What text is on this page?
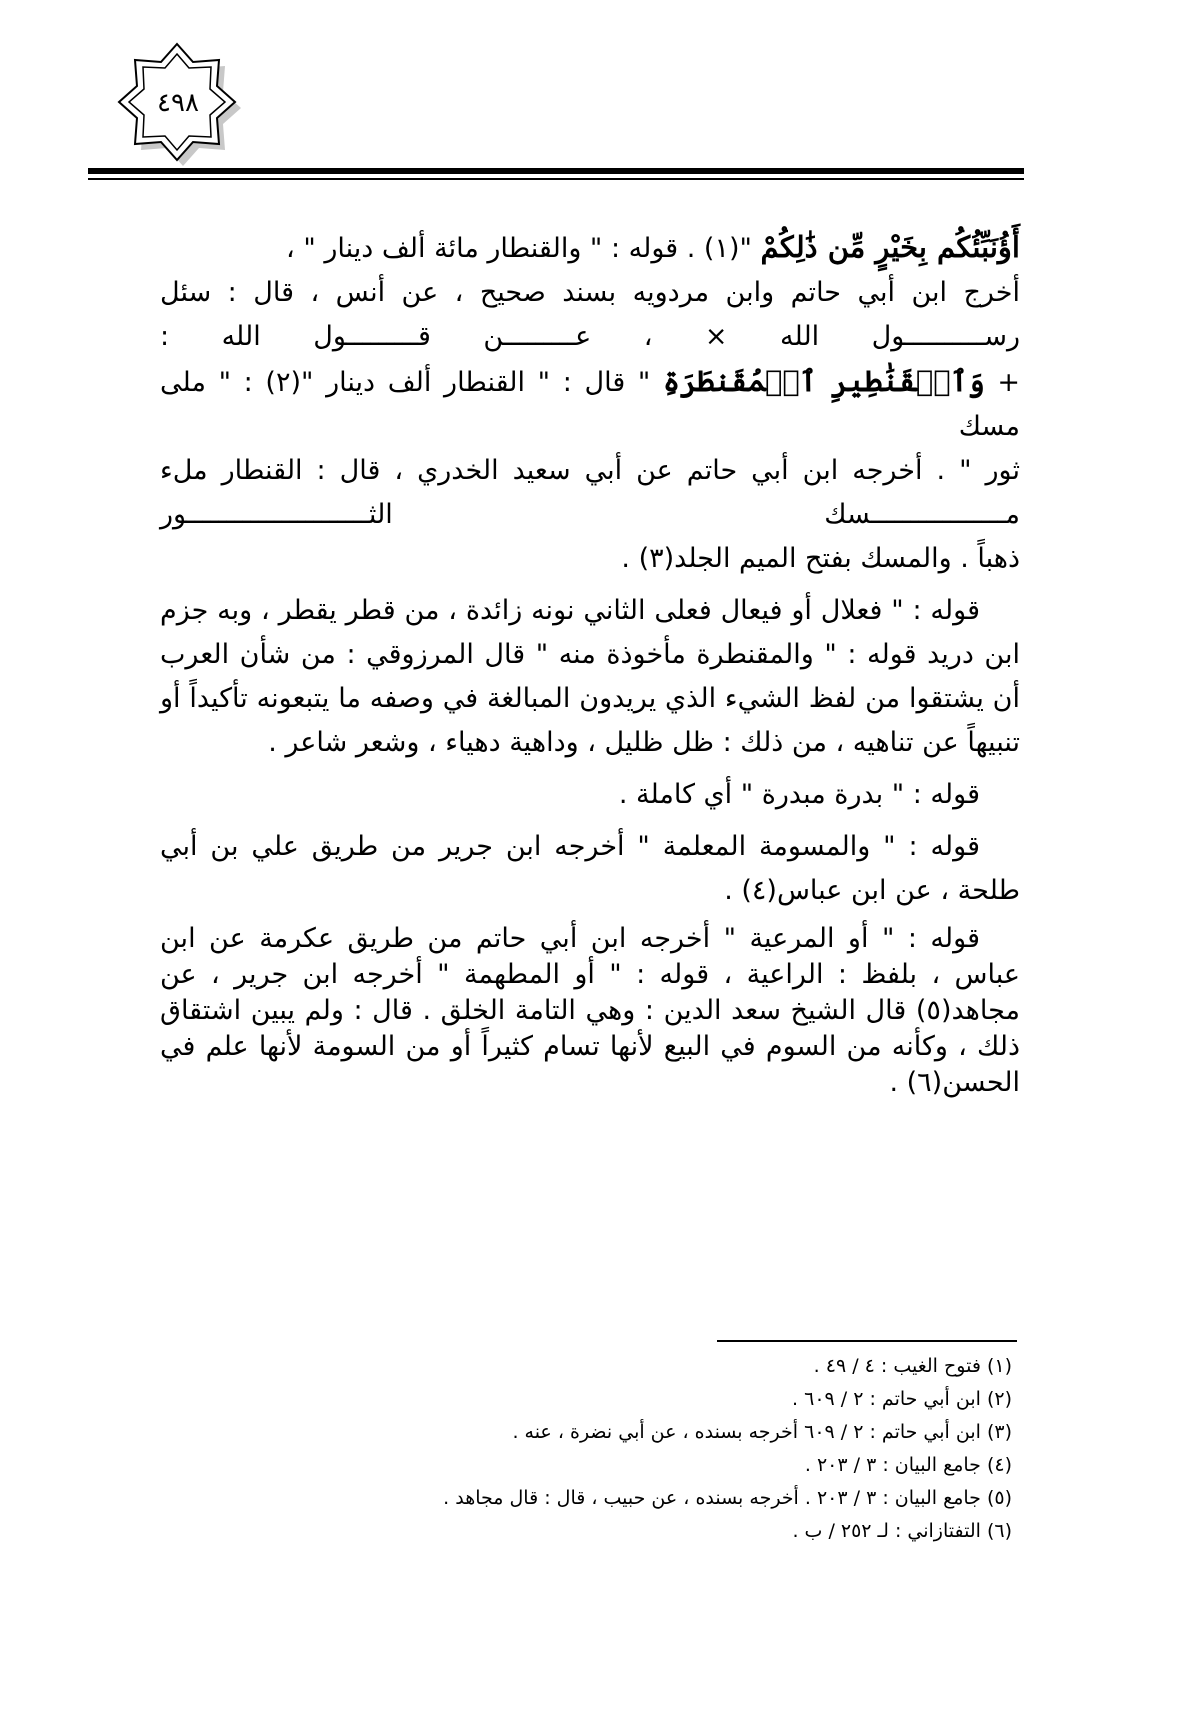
٤٩٨

أَؤُنَبِّئُكُم بِخَيْرٍ مِّن ذَٰلِكُمْ "(١) . قوله : " والقنطار مائة ألف دينار " ،
أخرج ابن أبي حاتم وابن مردويه بسند صحيح ، عن أنس ، قال : سئل
رســــــــــول الله × ، عـــــــــن قـــــــــول الله :
+ وَٱلۡقَنَٰطِيرِ ٱلۡمُقَنطَرَةِ " قال : " القنطار ألف دينار "(٢) : " ملى مسك
ثور " . أخرجه ابن أبي حاتم عن أبي سعيد الخدري ، قال : القنطار ملء
مـــــــــــــــــسك الثـــــــــــــــــــــــور
ذهباً . والمسك بفتح الميم الجلد(٣) .

قوله : " فعلال أو فيعال فعلى الثاني نونه زائدة ، من قطر يقطر ، وبه جزم ابن دريد قوله : " والمقنطرة مأخوذة منه " قال المرزوقي : من شأن العرب أن يشتقوا من لفظ الشيء الذي يريدون المبالغة في وصفه ما يتبعونه تأكيداً أو تنبيهاً عن تناهيه ، من ذلك : ظل ظليل ، وداهية دهياء ، وشعر شاعر .

قوله : " بدرة مبدرة " أي كاملة .

قوله : " والمسومة المعلمة " أخرجه ابن جرير من طريق علي بن أبي طلحة ، عن ابن عباس(٤) .

قوله : " أو المرعية " أخرجه ابن أبي حاتم من طريق عكرمة عن ابن عباس ، بلفظ : الراعية ، قوله : " أو المطهمة " أخرجه ابن جرير ، عن مجاهد(٥) قال الشيخ سعد الدين : وهي التامة الخلق . قال : ولم يبين اشتقاق ذلك ، وكأنه من السوم في البيع لأنها تسام كثيراً أو من السومة لأنها علم في الحسن(٦) .

(١) فتوح الغيب : ٤ / ٤٩ .
(٢) ابن أبي حاتم : ٢ / ٦٠٩ .
(٣) ابن أبي حاتم : ٢ / ٦٠٩ أخرجه بسنده ، عن أبي نضرة ، عنه .
(٤) جامع البيان : ٣ / ٢٠٣ .
(٥) جامع البيان : ٣ / ٢٠٣ . أخرجه بسنده ، عن حبيب ، قال : قال مجاهد .
(٦) التفتازاني : لـ ٢٥٢ / ب .
